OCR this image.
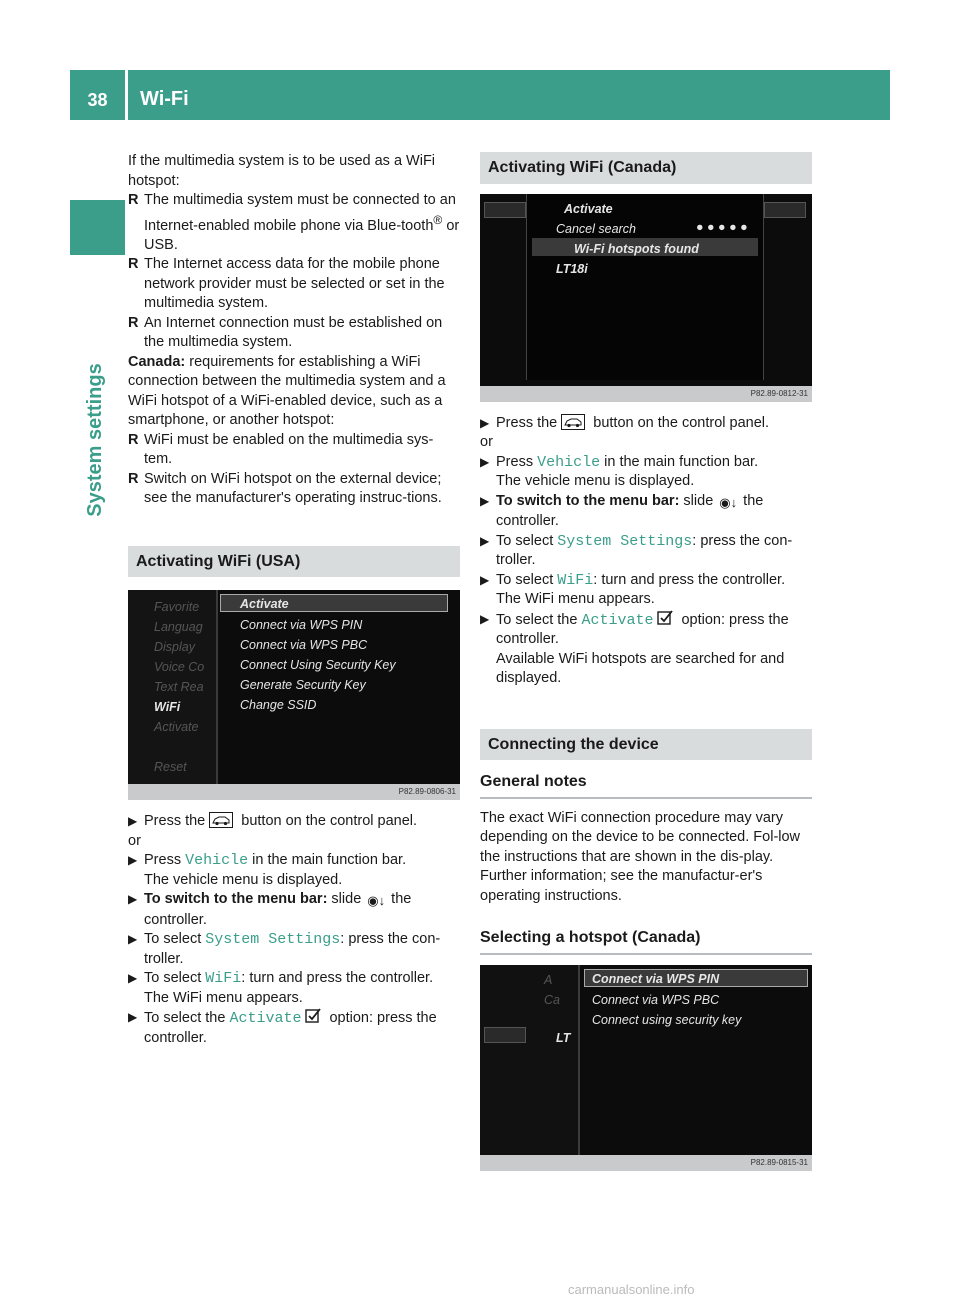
38	Wi-Fi
System settings

If the multimedia system is to be used as a WiFi hotspot:

R The multimedia system must be connected to an Internet-enabled mobile phone via Blue-tooth® or USB.
R The Internet access data for the mobile phone network provider must be selected or set in the multimedia system.
R An Internet connection must be established on the multimedia system.

Canada: requirements for establishing a WiFi connection between the multimedia system and a WiFi hotspot of a WiFi-enabled device, such as a smartphone, or another hotspot:

R WiFi must be enabled on the multimedia sys-tem.
R Switch on WiFi hotspot on the external device; see the manufacturer's operating instruc-tions.
Activating WiFi (USA)
Favorite
Languag
Display
Voice Co
Text Rea
WiFi
Activate
Reset
Activate
Connect via WPS PIN
Connect via WPS PBC
Connect Using Security Key
Generate Security Key
Change SSID
P82.89-0806-31
▶ Press the button on the control panel.

or

▶ Press Vehicle in the main function bar.
The vehicle menu is displayed.
▶ To switch to the menu bar: slide ◉↓ the controller.
▶ To select System Settings: press the con-troller.
▶ To select WiFi: turn and press the controller.
The WiFi menu appears.
▶ To select the Activate option: press the controller.
Activating WiFi (Canada)
Activate
Cancel search	● ● ● ● ●
Wi-Fi hotspots found
LT18i
P82.89-0812-31
▶ Press the button on the control panel.

or

▶ Press Vehicle in the main function bar.
The vehicle menu is displayed.
▶ To switch to the menu bar: slide ◉↓ the controller.
▶ To select System Settings: press the con-troller.
▶ To select WiFi: turn and press the controller.
The WiFi menu appears.
▶ To select the Activate option: press the controller.
Available WiFi hotspots are searched for and displayed.
Connecting the device
General notes

The exact WiFi connection procedure may vary depending on the device to be connected. Fol-low the instructions that are shown in the dis-play. Further information; see the manufactur-er's operating instructions.

Selecting a hotspot (Canada)
A
Ca
LT
Connect via WPS PIN
Connect via WPS PBC
Connect using security key
P82.89-0815-31
carmanualsonline.info
